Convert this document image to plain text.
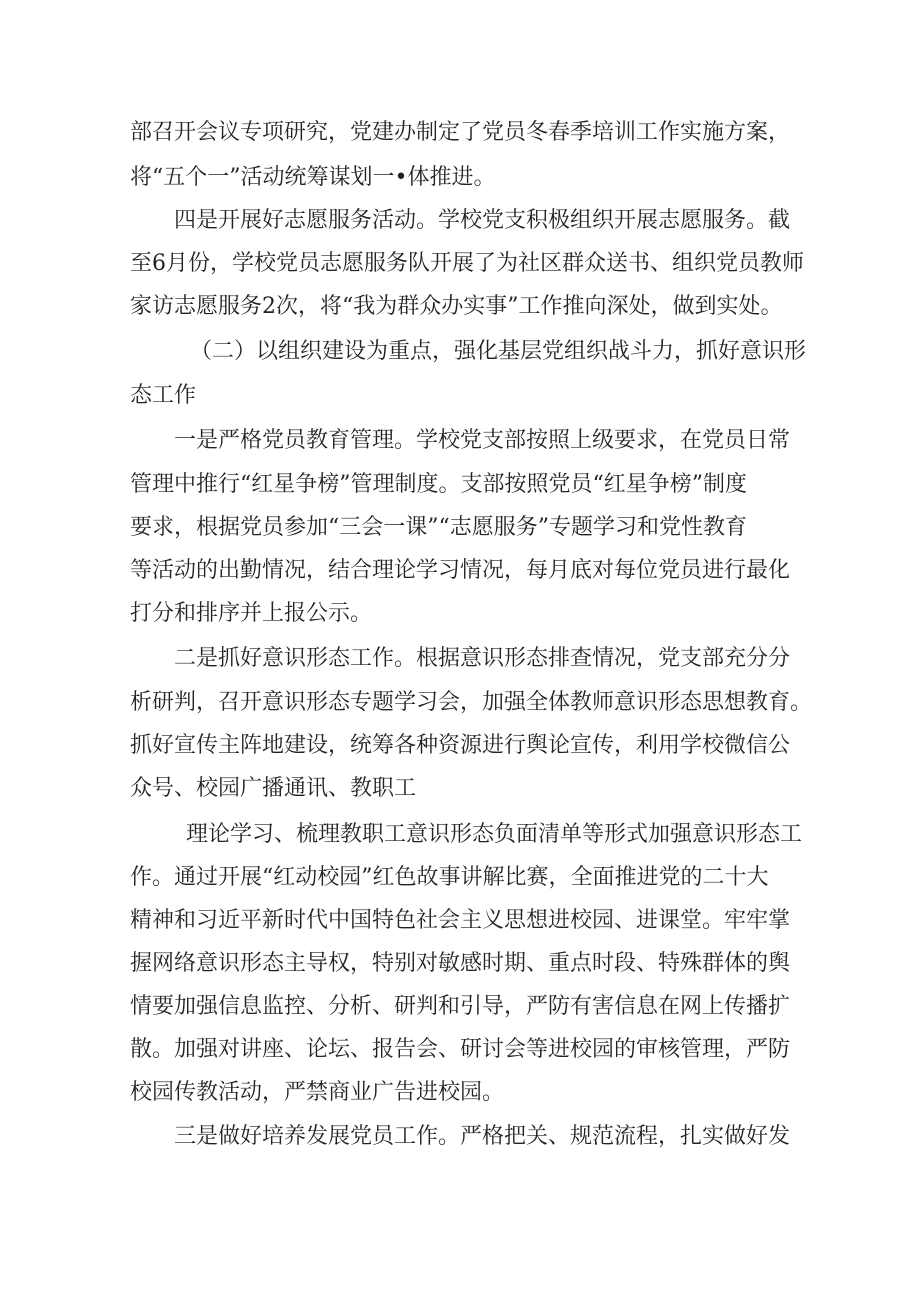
部召开会议专项研究，党建办制定了党员冬春季培训工作实施方案，
将“五个一”活动统筹谋划一•体推进。
四是开展好志愿服务活动。学校党支积极组织开展志愿服务。截
至6月份，学校党员志愿服务队开展了为社区群众送书、组织党员教师
家访志愿服务2次，将“我为群众办实事”工作推向深处，做到实处。
（二）以组织建设为重点，强化基层党组织战斗力，抓好意识形
态工作
一是严格党员教育管理。学校党支部按照上级要求，在党员日常
管理中推行“红星争榜”管理制度。支部按照党员“红星争榜”制度
要求，根据党员参加“三会一课”“志愿服务”专题学习和党性教育
等活动的出勤情况，结合理论学习情况，每月底对每位党员进行最化
打分和排序并上报公示。
二是抓好意识形态工作。根据意识形态排查情况，党支部充分分
析研判，召开意识形态专题学习会，加强全体教师意识形态思想教育。
抓好宣传主阵地建设，统筹各种资源进行舆论宣传，利用学校微信公
众号、校园广播通讯、教职工
理论学习、梳理教职工意识形态负面清单等形式加强意识形态工
作。通过开展“红动校园”红色故事讲解比赛，全面推进党的二十大
精神和习近平新时代中国特色社会主义思想进校园、进课堂。牢牢掌
握网络意识形态主导权，特别对敏感时期、重点时段、特殊群体的舆
情要加强信息监控、分析、研判和引导，严防有害信息在网上传播扩
散。加强对讲座、论坛、报告会、研讨会等进校园的审核管理，严防
校园传教活动，严禁商业广告进校园。
三是做好培养发展党员工作。严格把关、规范流程，扎实做好发
